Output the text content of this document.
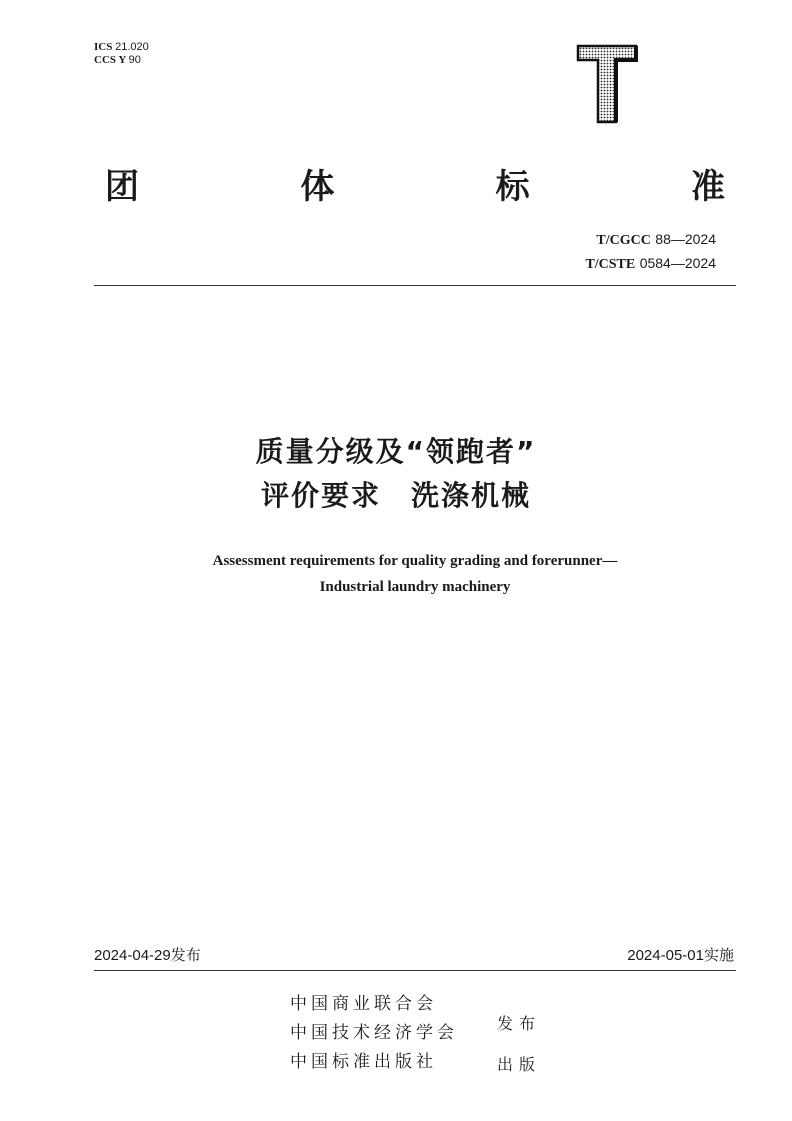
ICS 21.020
CCS Y 90
团	体	标	准
T/CGCC 88—2024
T/CSTE 0584—2024
质量分级及“领跑者”
评价要求　洗涤机械
Assessment requirements for quality grading and forerunner—
Industrial laundry machinery
2024-04-29发布	2024-05-01实施
中国商业联合会
中国技术经济学会
中国标准出版社
发布
出版
